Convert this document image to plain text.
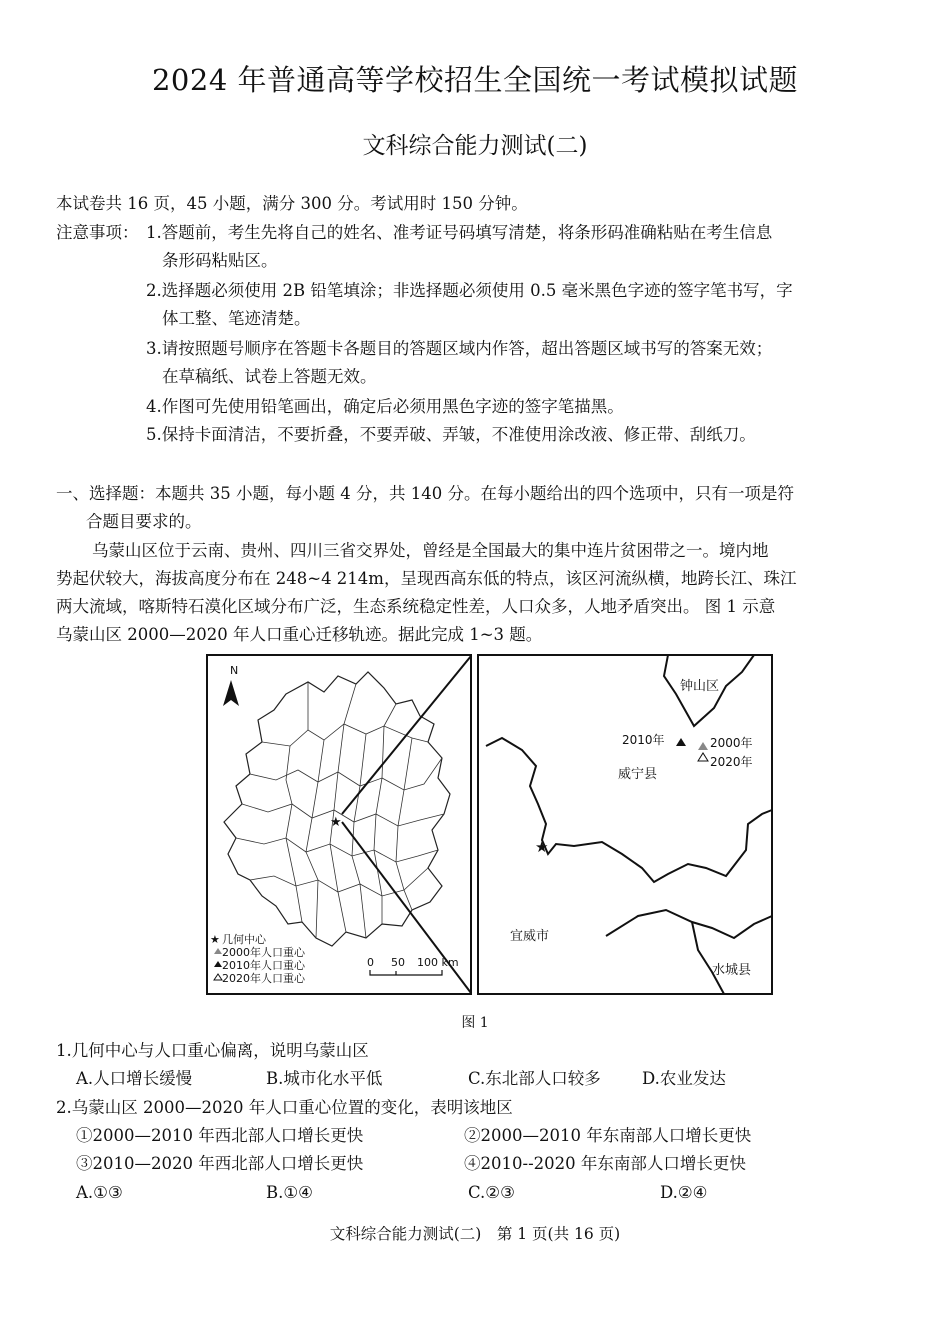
2024 年普通高等学校招生全国统一考试模拟试题
文科综合能力测试(二)
本试卷共 16 页，45 小题，满分 300 分。考试用时 150 分钟。
注意事项： 1.答题前，考生先将自己的姓名、准考证号码填写清楚，将条形码准确粘贴在考生信息
条形码粘贴区。
2.选择题必须使用 2B 铅笔填涂；非选择题必须使用 0.5 毫米黑色字迹的签字笔书写，字
体工整、笔迹清楚。
3.请按照题号顺序在答题卡各题目的答题区域内作答，超出答题区域书写的答案无效；
在草稿纸、试卷上答题无效。
4.作图可先使用铅笔画出，确定后必须用黑色字迹的签字笔描黑。
5.保持卡面清洁，不要折叠，不要弄破、弄皱，不准使用涂改液、修正带、刮纸刀。
一、选择题：本题共 35 小题，每小题 4 分，共 140 分。在每小题给出的四个选项中，只有一项是符
合题目要求的。
乌蒙山区位于云南、贵州、四川三省交界处，曾经是全国最大的集中连片贫困带之一。境内地
势起伏较大，海拔高度分布在 248~4 214m，呈现西高东低的特点，该区河流纵横，地跨长江、珠江
两大流域，喀斯特石漠化区域分布广泛，生态系统稳定性差，人口众多，人地矛盾突出。 图 1 示意
乌蒙山区 2000—2020 年人口重心迁移轨迹。据此完成 1~3 题。
N
★
★ 几何中心
2000年人口重心
2010年人口重心
2020年人口重心
0 50 100 km
钟山区
★
2010年	2000年
2020年
威宁县
宜威市
水城县
图 1
1.几何中心与人口重心偏离，说明乌蒙山区
A.人口增长缓慢	B.城市化水平低	C.东北部人口较多 D.农业发达
2.乌蒙山区 2000—2020 年人口重心位置的变化，表明该地区
①2000—2010 年西北部人口增长更快	②2000—2010 年东南部人口增长更快
③2010—2020 年西北部人口增长更快	④2010--2020 年东南部人口增长更快
A.①③	B.①④	C.②③	D.②④
文科综合能力测试(二)　第 1 页(共 16 页)
